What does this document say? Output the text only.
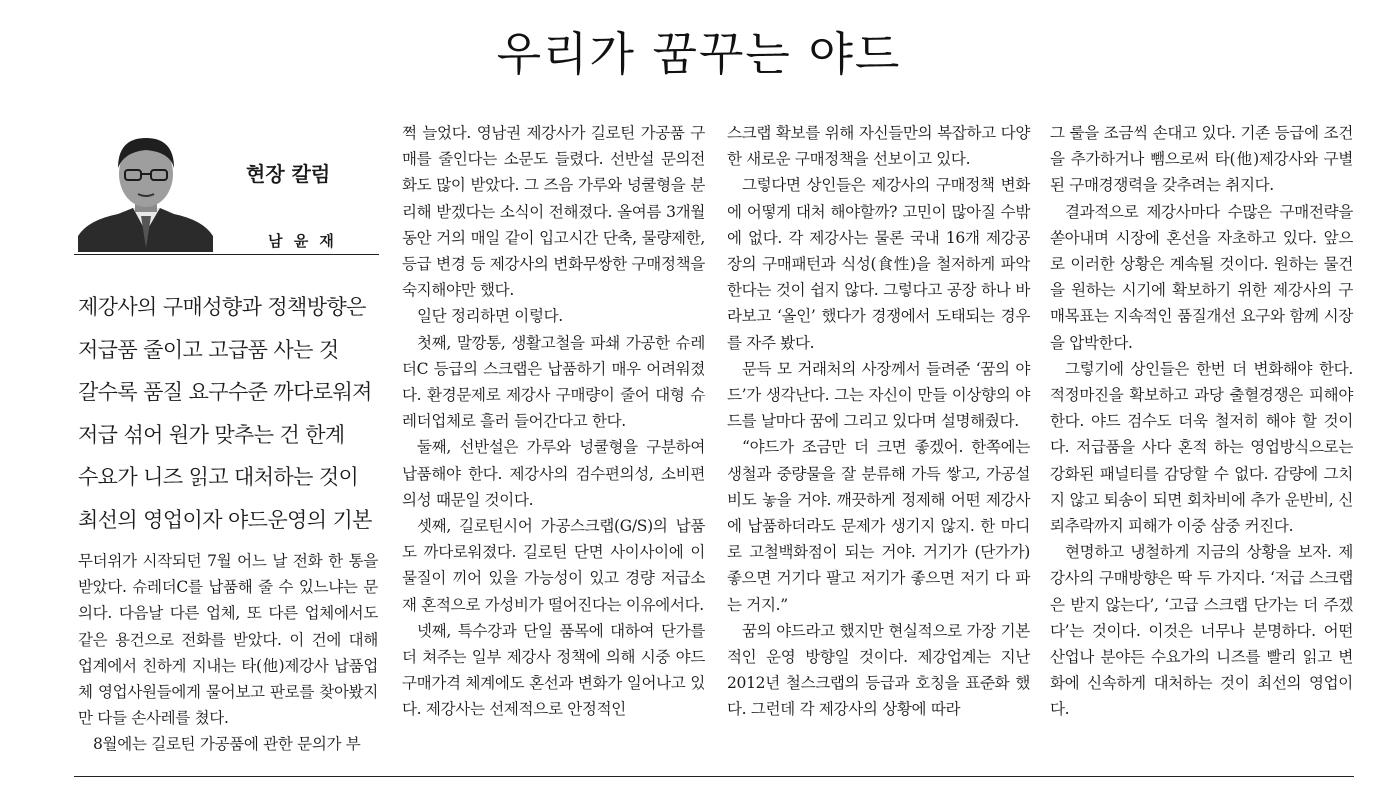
우리가 꿈꾸는 야드
현장 칼럼
남 윤 재
제강사의 구매성향과 정책방향은
저급품 줄이고 고급품 사는 것
갈수록 품질 요구수준 까다로워져
저급 섞어 원가 맞추는 건 한계
수요가 니즈 읽고 대처하는 것이
최선의 영업이자 야드운영의 기본

무더위가 시작되던 7월 어느 날 전화 한 통을 받았다. 슈레더C를 납품해 줄 수 있느냐는 문의다. 다음날 다른 업체, 또 다른 업체에서도 같은 용건으로 전화를 받았다. 이 건에 대해 업계에서 친하게 지내는 타(他)제강사 납품업체 영업사원들에게 물어보고 판로를 찾아봤지만 다들 손사레를 쳤다.

8월에는 길로틴 가공품에 관한 문의가 부

쩍 늘었다. 영남권 제강사가 길로틴 가공품 구매를 줄인다는 소문도 들렸다. 선반설 문의전화도 많이 받았다. 그 즈음 가루와 넝쿨형을 분리해 받겠다는 소식이 전해졌다. 올여름 3개월 동안 거의 매일 같이 입고시간 단축, 물량제한, 등급 변경 등 제강사의 변화무쌍한 구매정책을 숙지해야만 했다.

일단 정리하면 이렇다.

첫째, 말깡통, 생활고철을 파쇄 가공한 슈레더C 등급의 스크랩은 납품하기 매우 어려워졌다. 환경문제로 제강사 구매량이 줄어 대형 슈레더업체로 흘러 들어간다고 한다.

둘째, 선반설은 가루와 넝쿨형을 구분하여 납품해야 한다. 제강사의 검수편의성, 소비편의성 때문일 것이다.

셋째, 길로틴시어 가공스크랩(G/S)의 납품도 까다로워졌다. 길로틴 단면 사이사이에 이물질이 끼어 있을 가능성이 있고 경량 저급소재 혼적으로 가성비가 떨어진다는 이유에서다.

넷째, 특수강과 단일 품목에 대하여 단가를 더 쳐주는 일부 제강사 정책에 의해 시중 야드 구매가격 체계에도 혼선과 변화가 일어나고 있다. 제강사는 선제적으로 안정적인

스크랩 확보를 위해 자신들만의 복잡하고 다양한 새로운 구매정책을 선보이고 있다.

그렇다면 상인들은 제강사의 구매정책 변화에 어떻게 대처 해야할까? 고민이 많아질 수밖에 없다. 각 제강사는 물론 국내 16개 제강공장의 구매패턴과 식성(食性)을 철저하게 파악한다는 것이 쉽지 않다. 그렇다고 공장 하나 바라보고 ‘올인’ 했다가 경쟁에서 도태되는 경우를 자주 봤다.

문득 모 거래처의 사장께서 들려준 ‘꿈의 야드’가 생각난다. 그는 자신이 만들 이상향의 야드를 날마다 꿈에 그리고 있다며 설명해줬다.

“야드가 조금만 더 크면 좋겠어. 한쪽에는 생철과 중량물을 잘 분류해 가득 쌓고, 가공설비도 놓을 거야. 깨끗하게 정제해 어떤 제강사에 납품하더라도 문제가 생기지 않지. 한 마디로 고철백화점이 되는 거야. 거기가 (단가가)좋으면 거기다 팔고 저기가 좋으면 저기 다 파는 거지.”

꿈의 야드라고 했지만 현실적으로 가장 기본적인 운영 방향일 것이다. 제강업계는 지난 2012년 철스크랩의 등급과 호칭을 표준화 했다. 그런데 각 제강사의 상황에 따라

그 룰을 조금씩 손대고 있다. 기존 등급에 조건을 추가하거나 뺌으로써 타(他)제강사와 구별된 구매경쟁력을 갖추려는 취지다.

결과적으로 제강사마다 수많은 구매전략을 쏟아내며 시장에 혼선을 자초하고 있다. 앞으로 이러한 상황은 계속될 것이다. 원하는 물건을 원하는 시기에 확보하기 위한 제강사의 구매목표는 지속적인 품질개선 요구와 함께 시장을 압박한다.

그렇기에 상인들은 한번 더 변화해야 한다. 적정마진을 확보하고 과당 출혈경쟁은 피해야 한다. 야드 검수도 더욱 철저히 해야 할 것이다. 저급품을 사다 혼적 하는 영업방식으로는 강화된 패널티를 감당할 수 없다. 감량에 그치지 않고 퇴송이 되면 회차비에 추가 운반비, 신뢰추락까지 피해가 이중 삼중 커진다.

현명하고 냉철하게 지금의 상황을 보자. 제강사의 구매방향은 딱 두 가지다. ‘저급 스크랩은 받지 않는다’, ‘고급 스크랩 단가는 더 주겠다’는 것이다. 이것은 너무나 분명하다. 어떤 산업나 분야든 수요가의 니즈를 빨리 읽고 변화에 신속하게 대처하는 것이 최선의 영업이다.
